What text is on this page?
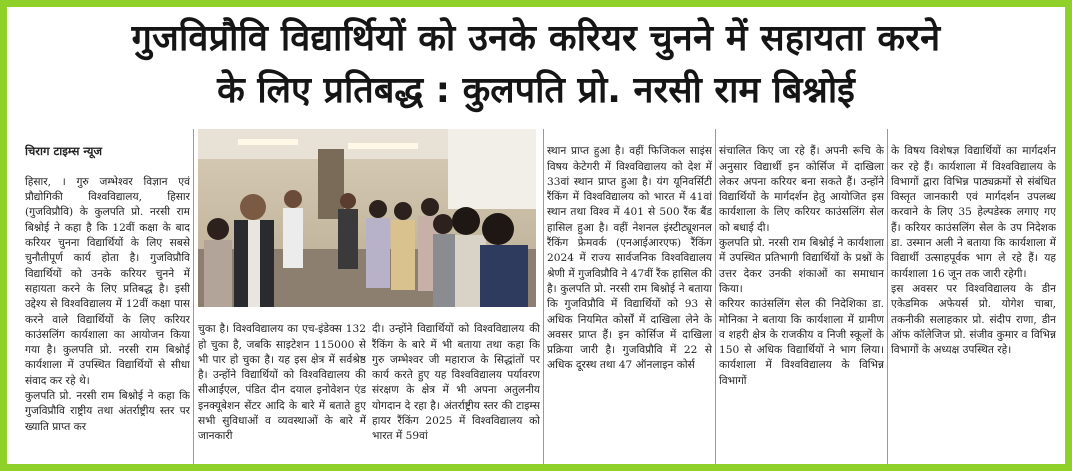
गुजविप्रौवि विद्यार्थियों को उनके करियर चुनने में सहायता करने
के लिए प्रतिबद्ध : कुलपति प्रो. नरसी राम बिश्नोई

चिराग टाइम्स न्यूज

हिसार, । गुरु जम्भेश्वर विज्ञान एवं प्रौद्योगिकी विश्वविद्यालय, हिसार (गुजविप्रौवि) के कुलपति प्रो. नरसी राम बिश्नोई ने कहा है कि 12वीं कक्षा के बाद करियर चुनना विद्यार्थियों के लिए सबसे चुनौतीपूर्ण कार्य होता है। गुजविप्रौवि विद्यार्थियों को उनके करियर चुनने में सहायता करने के लिए प्रतिबद्ध है। इसी उद्देश्य से विश्वविद्यालय में 12वीं कक्षा पास करने वाले विद्यार्थियों के लिए करियर काउंसलिंग कार्यशाला का आयोजन किया गया है। कुलपति प्रो. नरसी राम बिश्नोई कार्यशाला में उपस्थित विद्यार्थियों से सीधा संवाद कर रहे थे।
कुलपति प्रो. नरसी राम बिश्नोई ने कहा कि गुजविप्रौवि राष्ट्रीय तथा अंतर्राष्ट्रीय स्तर पर ख्याति प्राप्त कर

चुका है। विश्वविद्यालय का एच-इंडेक्स 132 हो चुका है, जबकि साइटेशन 115000 से भी पार हो चुका है। यह इस क्षेत्र में सर्वश्रेष्ठ है। उन्होंने विद्यार्थियों को विश्वविद्यालय की सीआईएल, पंडित दीन दयाल इनोवेशन एंड इनक्यूबेशन सेंटर आदि के बारे में बताते हुए सभी सुविधाओं व व्यवस्थाओं के बारे में जानकारी

दी। उन्होंने विद्यार्थियों को विश्वविद्यालय की रैंकिंग के बारे में भी बताया तथा कहा कि गुरु जम्भेश्वर जी महाराज के सिद्धांतों पर कार्य करते हुए यह विश्वविद्यालय पर्यावरण संरक्षण के क्षेत्र में भी अपना अतुलनीय योगदान दे रहा है। अंतर्राष्ट्रीय स्तर की टाइम्स हायर रैंकिंग 2025 में विश्वविद्यालय को भारत में 59वां

स्थान प्राप्त हुआ है। वहीं फिजिकल साइंस विषय केटेगरी में विश्वविद्यालय को देश में 33वां स्थान प्राप्त हुआ है। यंग यूनिवर्सिटी रैंकिंग में विश्वविद्यालय को भारत में 41वां स्थान तथा विश्व में 401 से 500 रैंक बैंड हासिल हुआ है। वहीं नेशनल इंस्टीट्यूशनल रैंकिंग फ्रेमवर्क (एनआईआरएफ) रैंकिंग 2024 में राज्य सार्वजनिक विश्वविद्यालय श्रेणी में गुजविप्रौवि ने 47वीं रैंक हासिल की है। कुलपति प्रो. नरसी राम बिश्नोई ने बताया कि गुजविप्रौवि में विद्यार्थियों को 93 से अधिक नियमित कोर्सों में दाखिला लेने के अवसर प्राप्त हैं। इन कोर्सिज में दाखिला प्रक्रिया जारी है। गुजविप्रौवि में 22 से अधिक दूरस्थ तथा 47 ऑनलाइन कोर्स

संचालित किए जा रहे हैं। अपनी रूचि के अनुसार विद्यार्थी इन कोर्सिज में दाखिला लेकर अपना करियर बना सकते हैं। उन्होंने विद्यार्थियों के मार्गदर्शन हेतु आयोजित इस कार्यशाला के लिए करियर काउंसलिंग सेल को बधाई दी।
कुलपति प्रो. नरसी राम बिश्नोई ने कार्यशाला में उपस्थित प्रतिभागी विद्यार्थियों के प्रश्नों के उत्तर देकर उनकी शंकाओं का समाधान किया।
करियर काउंसलिंग सेल की निदेशिका डा. मोनिका ने बताया कि कार्यशाला में ग्रामीण व शहरी क्षेत्र के राजकीय व निजी स्कूलों के 150 से अधिक विद्यार्थियों ने भाग लिया। कार्यशाला में विश्वविद्यालय के विभिन्न विभागों

के विषय विशेषज्ञ विद्यार्थियों का मार्गदर्शन कर रहे हैं। कार्यशाला में विश्वविद्यालय के विभागों द्वारा विभिन्न पाठ्यक्रमों से संबंधित विस्तृत जानकारी एवं मार्गदर्शन उपलब्ध करवाने के लिए 35 हेल्पडेस्क लगाए गए हैं। करियर काउंसलिंग सेल के उप निदेशक डा. उस्मान अली ने बताया कि कार्यशाला में विद्यार्थी उत्साहपूर्वक भाग ले रहे हैं। यह कार्यशाला 16 जून तक जारी रहेगी।
इस अवसर पर विश्वविद्यालय के डीन एकेडमिक अफेयर्स प्रो. योगेश चाबा, तकनीकी सलाहकार प्रो. संदीप राणा, डीन ऑफ कॉलेजिज प्रो. संजीव कुमार व विभिन्न विभागों के अध्यक्ष उपस्थित रहे।
